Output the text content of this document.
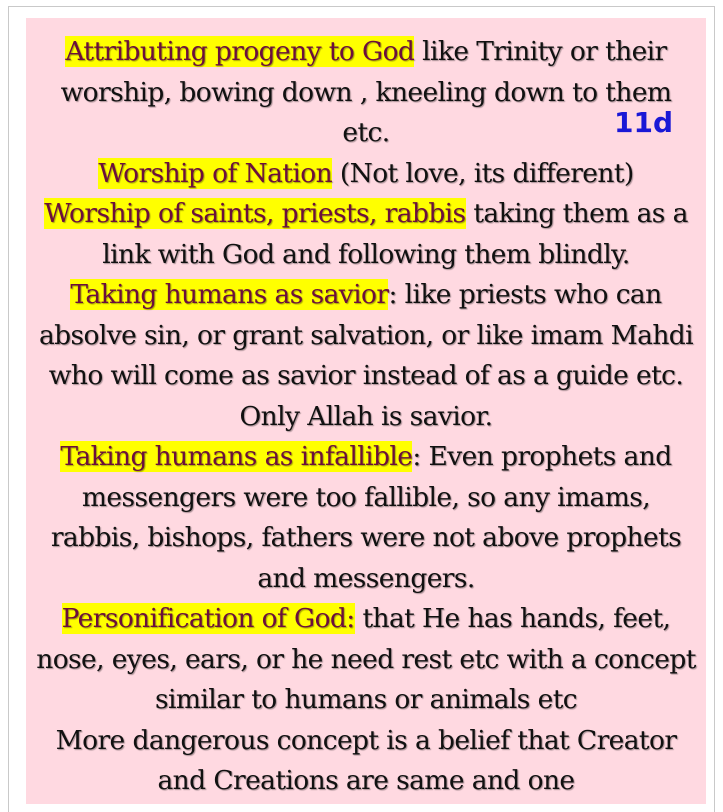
Attributing progeny to God like Trinity or their worship, bowing down , kneeling down to them etc.

Worship of Nation (Not love, its different)

Worship of saints, priests, rabbis taking them as a link with God and following them blindly.

Taking humans as savior: like priests who can absolve sin, or grant salvation, or like imam Mahdi who will come as savior instead of as a guide etc. Only Allah is savior.

Taking humans as infallible: Even prophets and messengers were too fallible, so any imams, rabbis, bishops, fathers were not above prophets and messengers.

Personification of God: that He has hands, feet, nose, eyes, ears, or he need rest etc with a concept similar to humans or animals etc

More dangerous concept is a belief that Creator and Creations are same and one

11d
